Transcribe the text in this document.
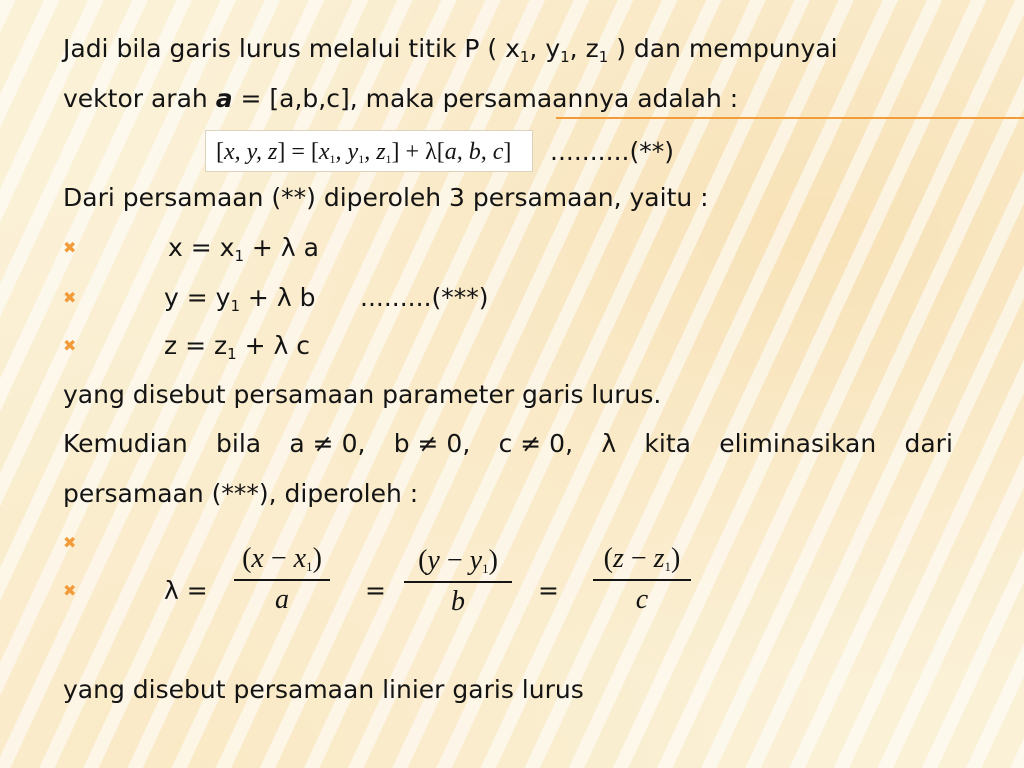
Jadi bila garis lurus melalui titik P ( $x_1$, $y_1$, $z_1$ ) dan mempunyai
vektor arah a = [a,b,c], maka persamaannya adalah :
[x, y, $z] = [x_1$, $y_1$, $z_1] + \lambda[a$, b, c]	..........(**)
Dari persamaan (**) diperoleh 3 persamaan, yaitu :
✖	$x = x_1 + \lambda$ a
✖	$y = y_1 + \lambda$ b .........(***)
✖	$z = z_1 + \lambda$ c
yang disebut persamaan parameter garis lurus.
Kemudian bila a ≠ 0, b ≠ 0, c ≠ 0, λ kita eliminasikan dari
persamaan (***), diperoleh :
✖
✖	λ =
$(x - x_1)$
a	=
$(y - y_1)$
b	=
$(z - z_1)$
c
yang disebut persamaan linier garis lurus
